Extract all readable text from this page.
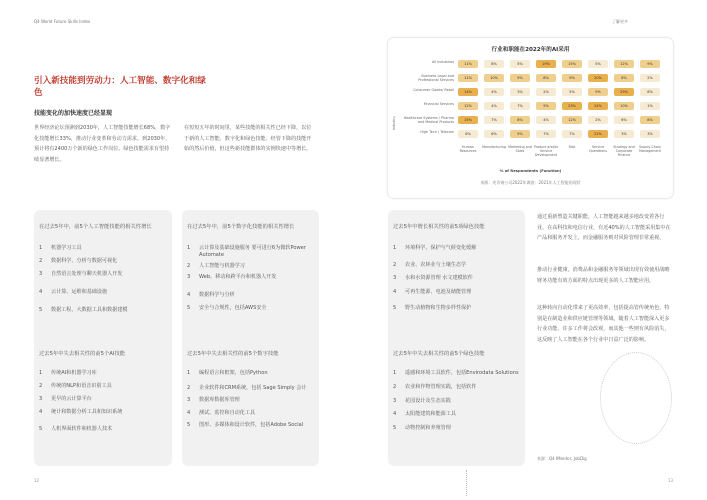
Q4 World Future Skills Index	了解更多
引入新技能到劳动力：人工智能、数字化和绿色
技能变化的加快速度已经显现
世界经济论坛预测到2030年，人工智能技能增长68%，数字化技能增长33%，推动行业变革和劳动力需求。到2030年，预计将有2400万个新的绿色工作岗位。绿色技能需求有望持续显著增长。
在短短五年的时间里，某些技能的相关性已经下降，以位于新的人工智能、数字化和绿色技能。经管下降的技能开始的然后价值，但这些新技能群体的实例快速中等增长。
行业和职能在2022年的AI采用
All Industries	11%	8%	5%	19%	15%	5%	12%	9%
Business Legal and Professional Services	11%	10%	9%	8%	9%	20%	8%	2%
Consumer Goods/ Retail	14%	4%	3%	2%	5%	9%	29%	6%
Financial Services	12%	4%	7%	9%	23%	24%	10%	1%
Healthcare Systems / Pharma and Medical Products	15%	7%	8%	4%	12%	2%	6%	8%
High Tech / Telecom	6%	6%	9%	7%	7%	22%	3%	3%
Human Resources
Manufacturing Marketing and Sales
Product and/or Service Development
Risk	Service Operations
Strategy and Corporate Finance
Supply-Chain Management
Industry
% of Respondents (Function)
来源：麦肯锡公司2022年调查：2021年人工智能的现状
在过去5年中，前5个人工智能技能的相关性增长
1	机器学习工具
2	数据科学、分析与数据可视化
3	自然语言处理与聊天机器人开发
4	云计算、运维和基础设施
5	数据工程、大数据工具和数据建模
过去5年中失去相关性的前5个AI技能
1	传统AI和机器学习库
2	传统的NLP和语音识别工具
3	更早的云计算平台
4	统计和数据分析工具和知识系统
5	人机界面软件和机器人技术
在过去5年中，前5个数字化技能的相关性增长
1	云计算及基础设施服务 要可进行6为微软Power Automate
2	人工智能与机器学习
3	Web、移动和跨平台和机器人开发
4	数据科学与分析
5	安全与合规性，包括AWS安全
过去5年中失去相关性的前5个数字技能
1	编程语言和框架，包括Python
2	企业软件和CRM系统，包括 Sage Simply 会计
3	数据库数据库管理
4	测试、监控和自动化工具
5	图形、多媒体和设计软件，包括Adobe Social
过去5年中增长相关性的前5项绿色技能
1	环境科学、保护与气候变化缓解
2	农业、农林业与土壤生态学
3	水和水资源管理 水文建模软件
4	可再生能源、电池及储能管理
5	野生动植物和生物多样性保护
过去5年中失去相关性的前5个绿色技能
1	遥感和环境工具软件，包括Envirodata Solutions
2	农业和作物管理实践，包括软件
3	花园设计及生态实践
4	太阳能建筑和能源工具
5	动物控制和养殖管理
通过重新塑造关键职能，人工智能越来越多地改变着各行业。在高科技和电信行业，有近40%的人工智能采用集中在产品和服务开发上，而金融服务则对风险管理非常重视。
推动行业健康，消费品和金融服务等领域出现有效使用战略财务功能有效方面的特点出现更多的人工智能应用。
这种转向自动化带来了更高效率，包括提高管传统角色，特别是在制造业和供应链管理等领域。随着人工智能深入更多行业功能，许多工作将会改观，而其他一些则有风险消失，这反映了人工智能在各个行业中日益广泛的影响。
来源：Q4 IMentor, JobDig
12	13
